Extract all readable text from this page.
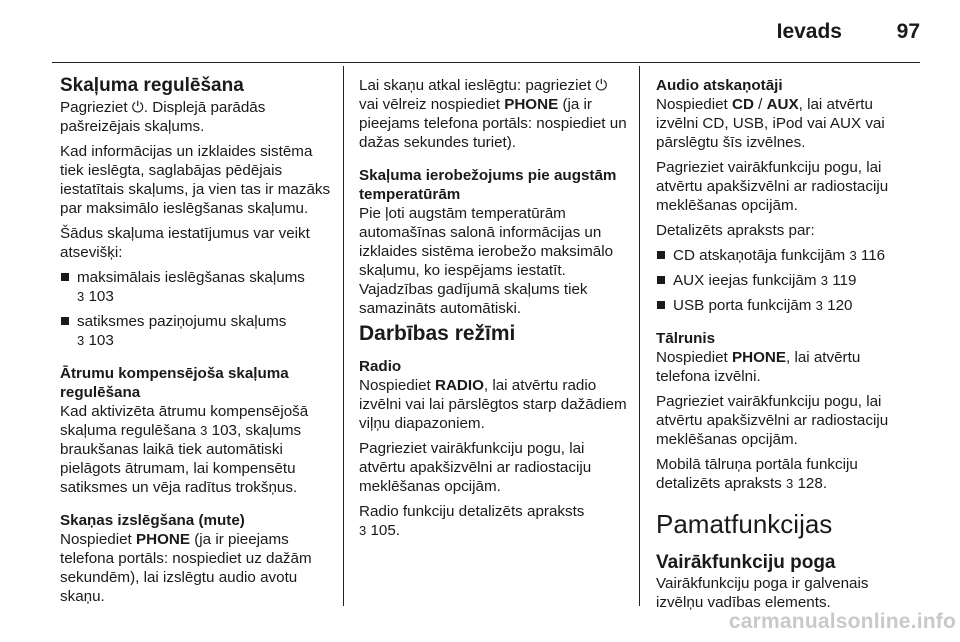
Ievads	97
Skaļuma regulēšana

Pagrieziet ⏻. Displejā parādās pašreizējais skaļums.

Kad informācijas un izklaides sistēma tiek ieslēgta, saglabājas pēdējais iestatītais skaļums, ja vien tas ir mazāks par maksimālo ieslēgšanas skaļumu.

Šādus skaļuma iestatījumus var veikt atsevišķi:

maksimālais ieslēgšanas skaļums
3 103
satiksmes paziņojumu skaļums
3 103
Ātrumu kompensējoša skaļuma regulēšana

Kad aktivizēta ātrumu kompensējošā skaļuma regulēšana 3 103, skaļums braukšanas laikā tiek automātiski pielāgots ātrumam, lai kompensētu satiksmes un vēja radītus trokšņus.

Skaņas izslēgšana (mute)

Nospiediet PHONE (ja ir pieejams telefona portāls: nospiediet uz dažām sekundēm), lai izslēgtu audio avotu skaņu.

Lai skaņu atkal ieslēgtu: pagrieziet ⏻ vai vēlreiz nospiediet PHONE (ja ir pieejams telefona portāls: nospiediet un dažas sekundes turiet).

Skaļuma ierobežojums pie augstām temperatūrām

Pie ļoti augstām temperatūrām automašīnas salonā informācijas un izklaides sistēma ierobežo maksimālo skaļumu, ko iespējams iestatīt. Vajadzības gadījumā skaļums tiek samazināts automātiski.

Darbības režīmi
Radio

Nospiediet RADIO, lai atvērtu radio izvēlni vai lai pārslēgtos starp dažādiem viļņu diapazoniem.

Pagrieziet vairākfunkciju pogu, lai atvērtu apakšizvēlni ar radiostaciju meklēšanas opcijām.

Radio funkciju detalizēts apraksts
3 105.

Audio atskaņotāji

Nospiediet CD / AUX, lai atvērtu izvēlni CD, USB, iPod vai AUX vai pārslēgtu šīs izvēlnes.

Pagrieziet vairākfunkciju pogu, lai atvērtu apakšizvēlni ar radiostaciju meklēšanas opcijām.

Detalizēts apraksts par:

CD atskaņotāja funkcijām 3 116
AUX ieejas funkcijām 3 119
USB porta funkcijām 3 120
Tālrunis

Nospiediet PHONE, lai atvērtu telefona izvēlni.

Pagrieziet vairākfunkciju pogu, lai atvērtu apakšizvēlni ar radiostaciju meklēšanas opcijām.

Mobilā tālruņa portāla funkciju detalizēts apraksts 3 128.

Pamatfunkcijas
Vairākfunkciju poga

Vairākfunkciju poga ir galvenais izvēlņu vadības elements.

carmanualsonline.info
